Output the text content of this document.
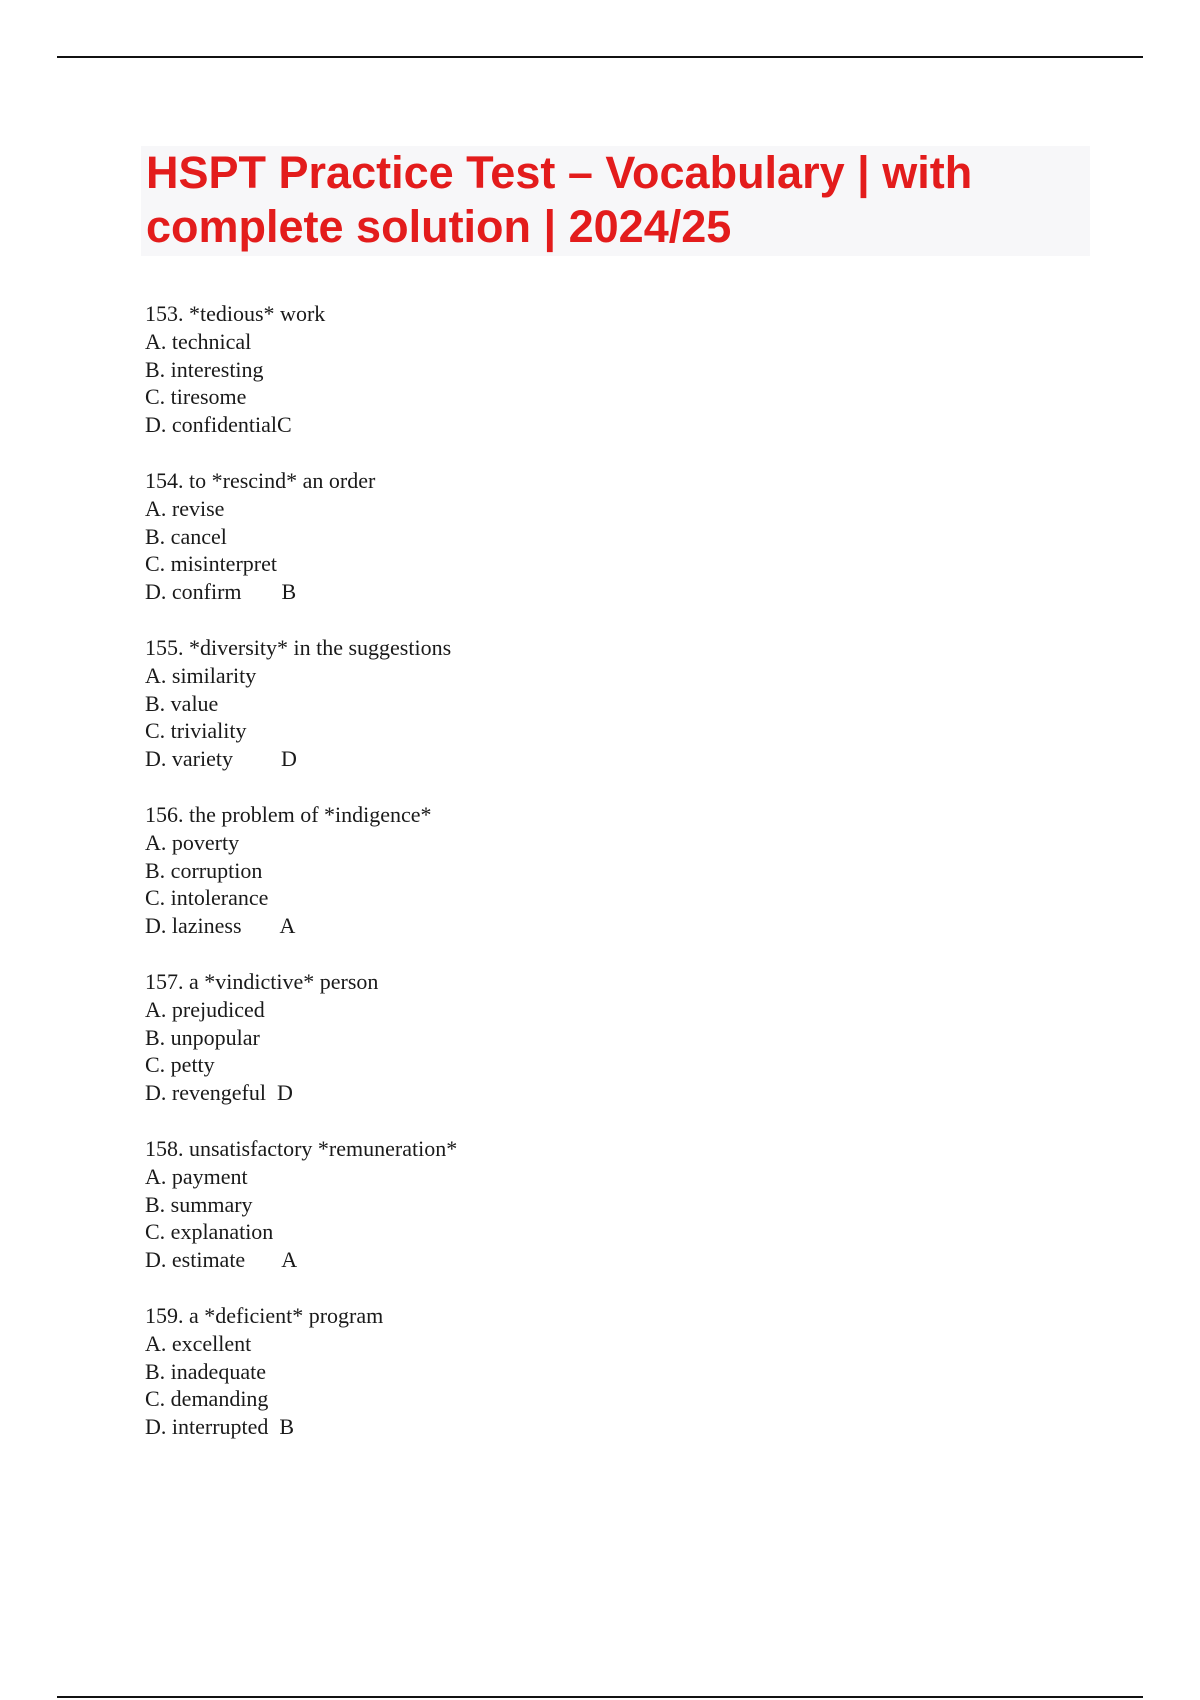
HSPT Practice Test – Vocabulary | with complete solution | 2024/25
153. *tedious* work
A. technical
B. interesting
C. tiresome
D. confidentialC
154. to *rescind* an order
A. revise
B. cancel
C. misinterpret
D. confirm B
155. *diversity* in the suggestions
A. similarity
B. value
C. triviality
D. variety D
156. the problem of *indigence*
A. poverty
B. corruption
C. intolerance
D. laziness A
157. a *vindictive* person
A. prejudiced
B. unpopular
C. petty
D. revengeful D
158. unsatisfactory *remuneration*
A. payment
B. summary
C. explanation
D. estimate A
159. a *deficient* program
A. excellent
B. inadequate
C. demanding
D. interrupted B
